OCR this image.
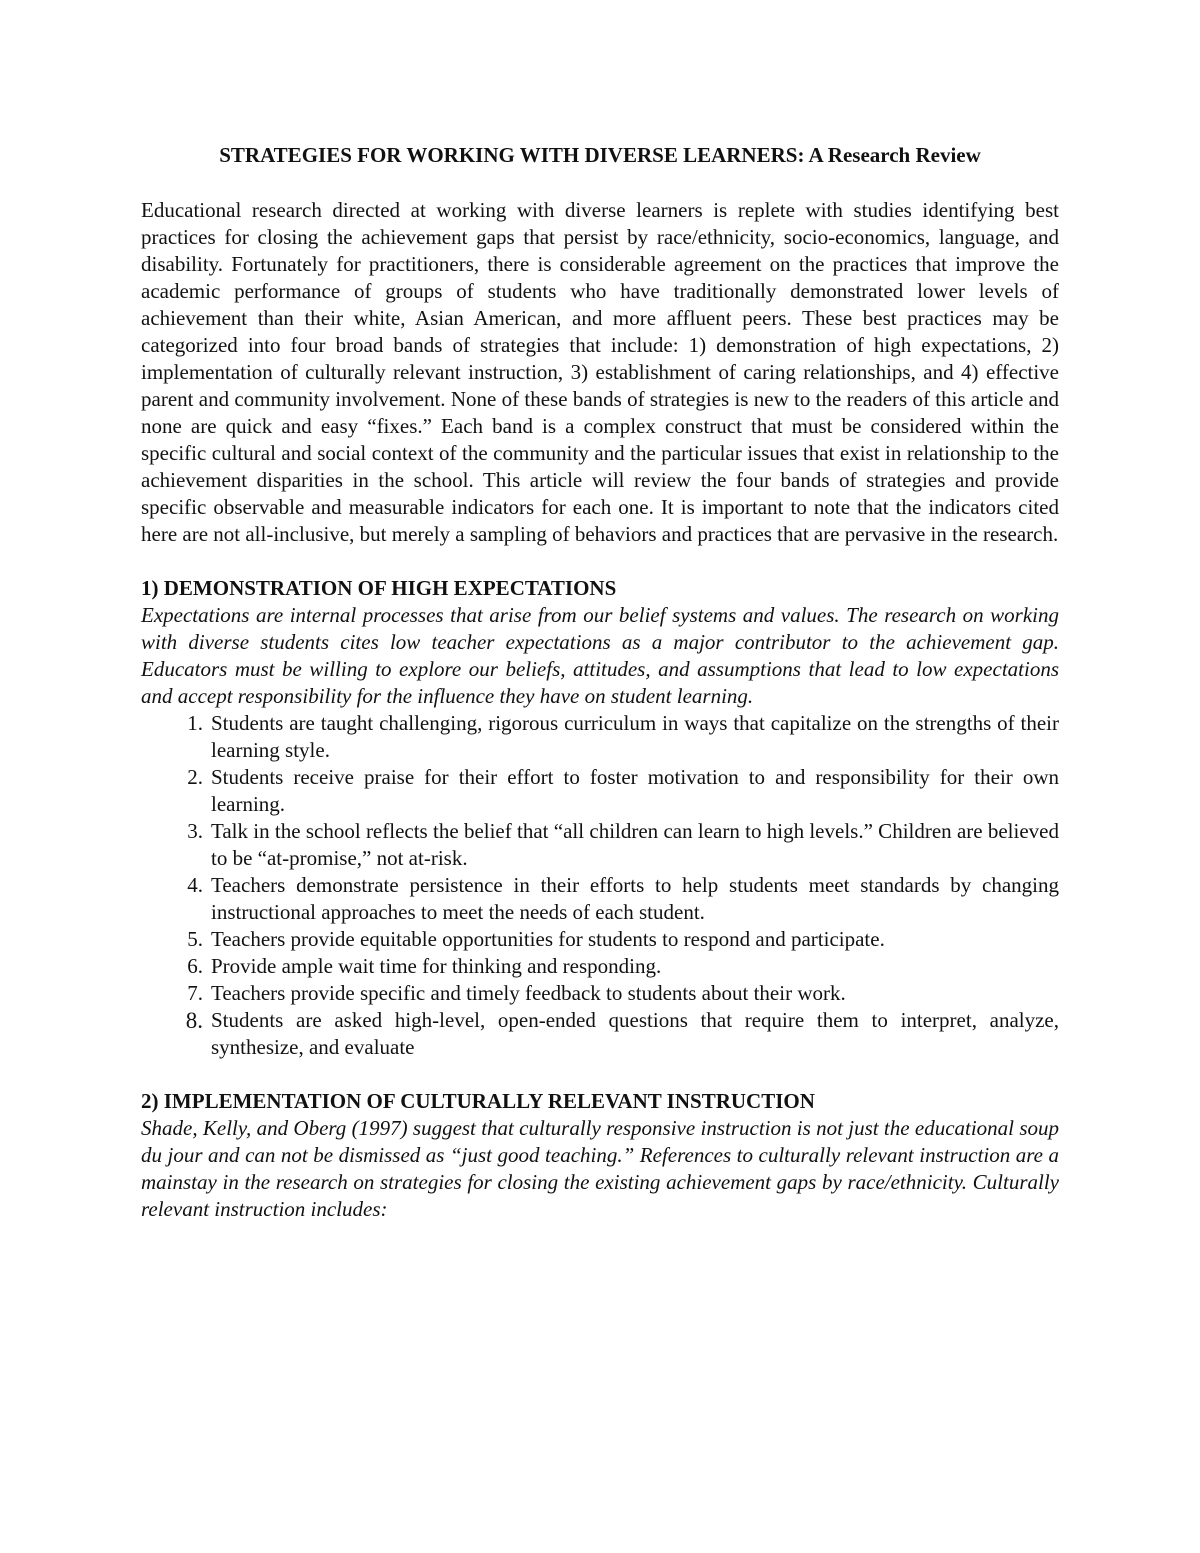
STRATEGIES FOR WORKING WITH DIVERSE LEARNERS: A Research Review

Educational research directed at working with diverse learners is replete with studies identifying best practices for closing the achievement gaps that persist by race/ethnicity, socio-economics, language, and disability. Fortunately for practitioners, there is considerable agreement on the practices that improve the academic performance of groups of students who have traditionally demonstrated lower levels of achievement than their white, Asian American, and more affluent peers. These best practices may be categorized into four broad bands of strategies that include: 1) demonstration of high expectations, 2) implementation of culturally relevant instruction, 3) establishment of caring relationships, and 4) effective parent and community involvement. None of these bands of strategies is new to the readers of this article and none are quick and easy “fixes.” Each band is a complex construct that must be considered within the specific cultural and social context of the community and the particular issues that exist in relationship to the achievement disparities in the school. This article will review the four bands of strategies and provide specific observable and measurable indicators for each one. It is important to note that the indicators cited here are not all-inclusive, but merely a sampling of behaviors and practices that are pervasive in the research.

1) DEMONSTRATION OF HIGH EXPECTATIONS

Expectations are internal processes that arise from our belief systems and values. The research on working with diverse students cites low teacher expectations as a major contributor to the achievement gap. Educators must be willing to explore our beliefs, attitudes, and assumptions that lead to low expectations and accept responsibility for the influence they have on student learning.

1. Students are taught challenging, rigorous curriculum in ways that capitalize on the strengths of their learning style.
2. Students receive praise for their effort to foster motivation to and responsibility for their own learning.
3. Talk in the school reflects the belief that “all children can learn to high levels.” Children are believed to be “at-promise,” not at-risk.
4. Teachers demonstrate persistence in their efforts to help students meet standards by changing instructional approaches to meet the needs of each student.
5. Teachers provide equitable opportunities for students to respond and participate.
6. Provide ample wait time for thinking and responding.
7. Teachers provide specific and timely feedback to students about their work.
8. Students are asked high-level, open-ended questions that require them to interpret, analyze, synthesize, and evaluate
2) IMPLEMENTATION OF CULTURALLY RELEVANT INSTRUCTION

Shade, Kelly, and Oberg (1997) suggest that culturally responsive instruction is not just the educational soup du jour and can not be dismissed as “just good teaching.” References to culturally relevant instruction are a mainstay in the research on strategies for closing the existing achievement gaps by race/ethnicity. Culturally relevant instruction includes:
